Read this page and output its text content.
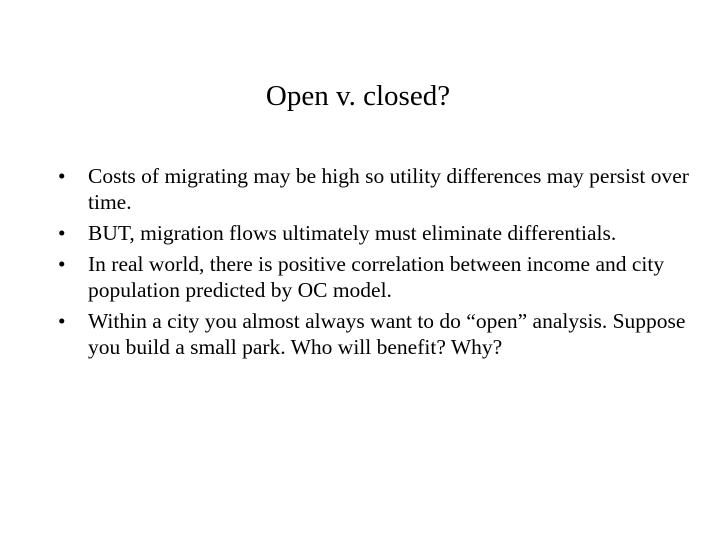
Open v. closed?
•	Costs of migrating may be high so utility differences may persist over time.
•	BUT, migration flows ultimately must eliminate differentials.
•	In real world, there is positive correlation between income and city population predicted by OC model.
•	Within a city you almost always want to do “open” analysis. Suppose you build a small park. Who will benefit? Why?
